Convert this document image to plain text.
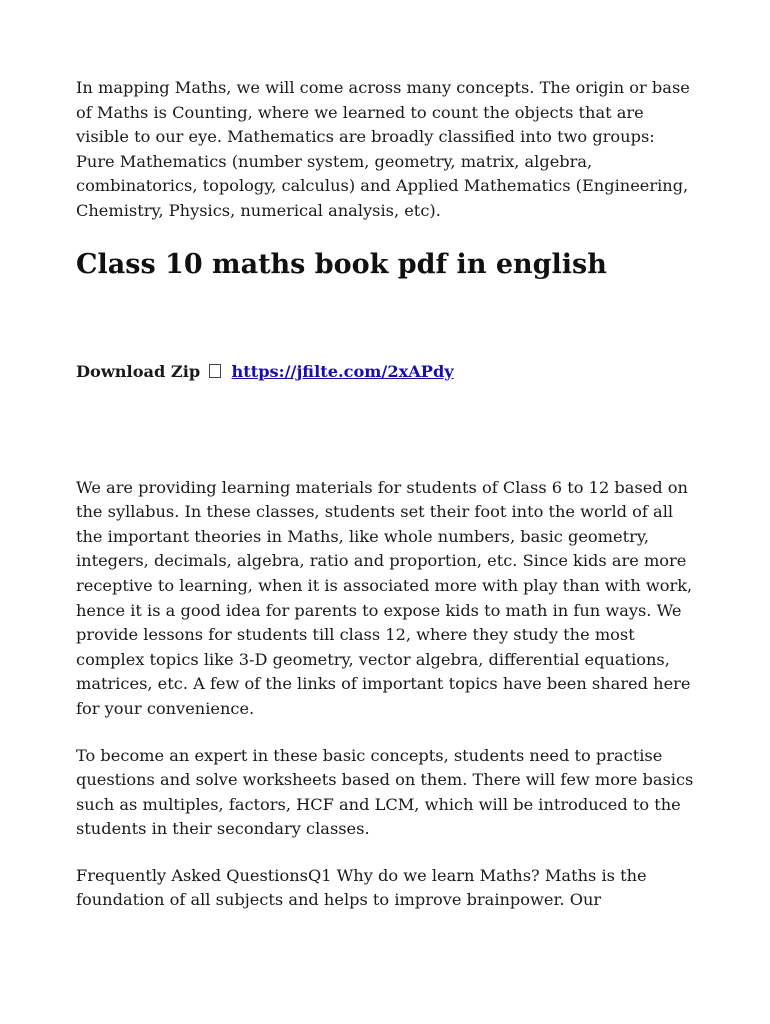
In mapping Maths, we will come across many concepts. The origin or base of Maths is Counting, where we learned to count the objects that are visible to our eye. Mathematics are broadly classified into two groups: Pure Mathematics (number system, geometry, matrix, algebra, combinatorics, topology, calculus) and Applied Mathematics (Engineering, Chemistry, Physics, numerical analysis, etc).

Class 10 maths book pdf in english
Download Zip https://jfilte.com/2xAPdy

We are providing learning materials for students of Class 6 to 12 based on the syllabus. In these classes, students set their foot into the world of all the important theories in Maths, like whole numbers, basic geometry, integers, decimals, algebra, ratio and proportion, etc. Since kids are more receptive to learning, when it is associated more with play than with work, hence it is a good idea for parents to expose kids to math in fun ways. We provide lessons for students till class 12, where they study the most complex topics like 3-D geometry, vector algebra, differential equations, matrices, etc. A few of the links of important topics have been shared here for your convenience.

To become an expert in these basic concepts, students need to practise questions and solve worksheets based on them. There will few more basics such as multiples, factors, HCF and LCM, which will be introduced to the students in their secondary classes.

Frequently Asked QuestionsQ1 Why do we learn Maths? Maths is the foundation of all subjects and helps to improve brainpower. Our
